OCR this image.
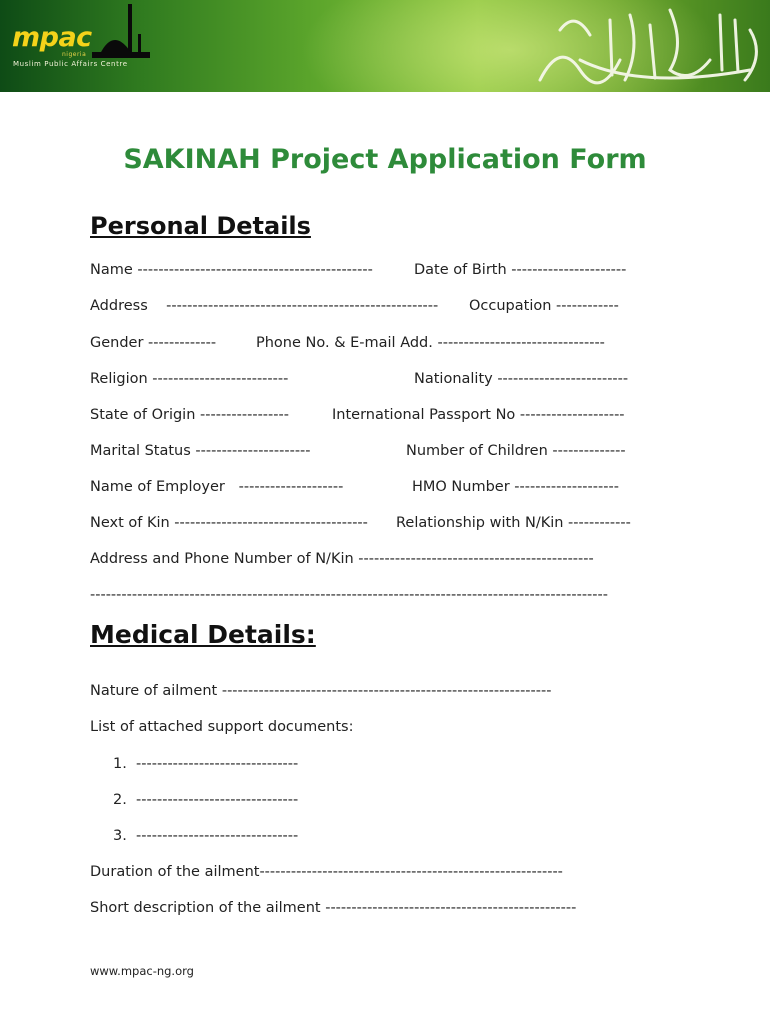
mpac
nigeria
Muslim Public Affairs Centre
SAKINAH Project Application Form
Personal Details
Name ---------------------------------------------	Date of Birth ----------------------
Address    ---------------------------------------------------- Occupation ------------
Gender -------------	Phone No. & E-mail Add. --------------------------------
Religion --------------------------	Nationality -------------------------
State of Origin -----------------	International Passport No --------------------
Marital Status ----------------------	Number of Children --------------
Name of Employer   --------------------	HMO Number --------------------
Next of Kin ------------------------------------- Relationship with N/Kin ------------
Address and Phone Number of N/Kin ---------------------------------------------
---------------------------------------------------------------------------------------------------
Medical Details:
Nature of ailment ---------------------------------------------------------------
List of attached support documents:
1.  -------------------------------
2.  -------------------------------
3.  -------------------------------
Duration of the ailment----------------------------------------------------------
Short description of the ailment ------------------------------------------------
www.mpac-ng.org
